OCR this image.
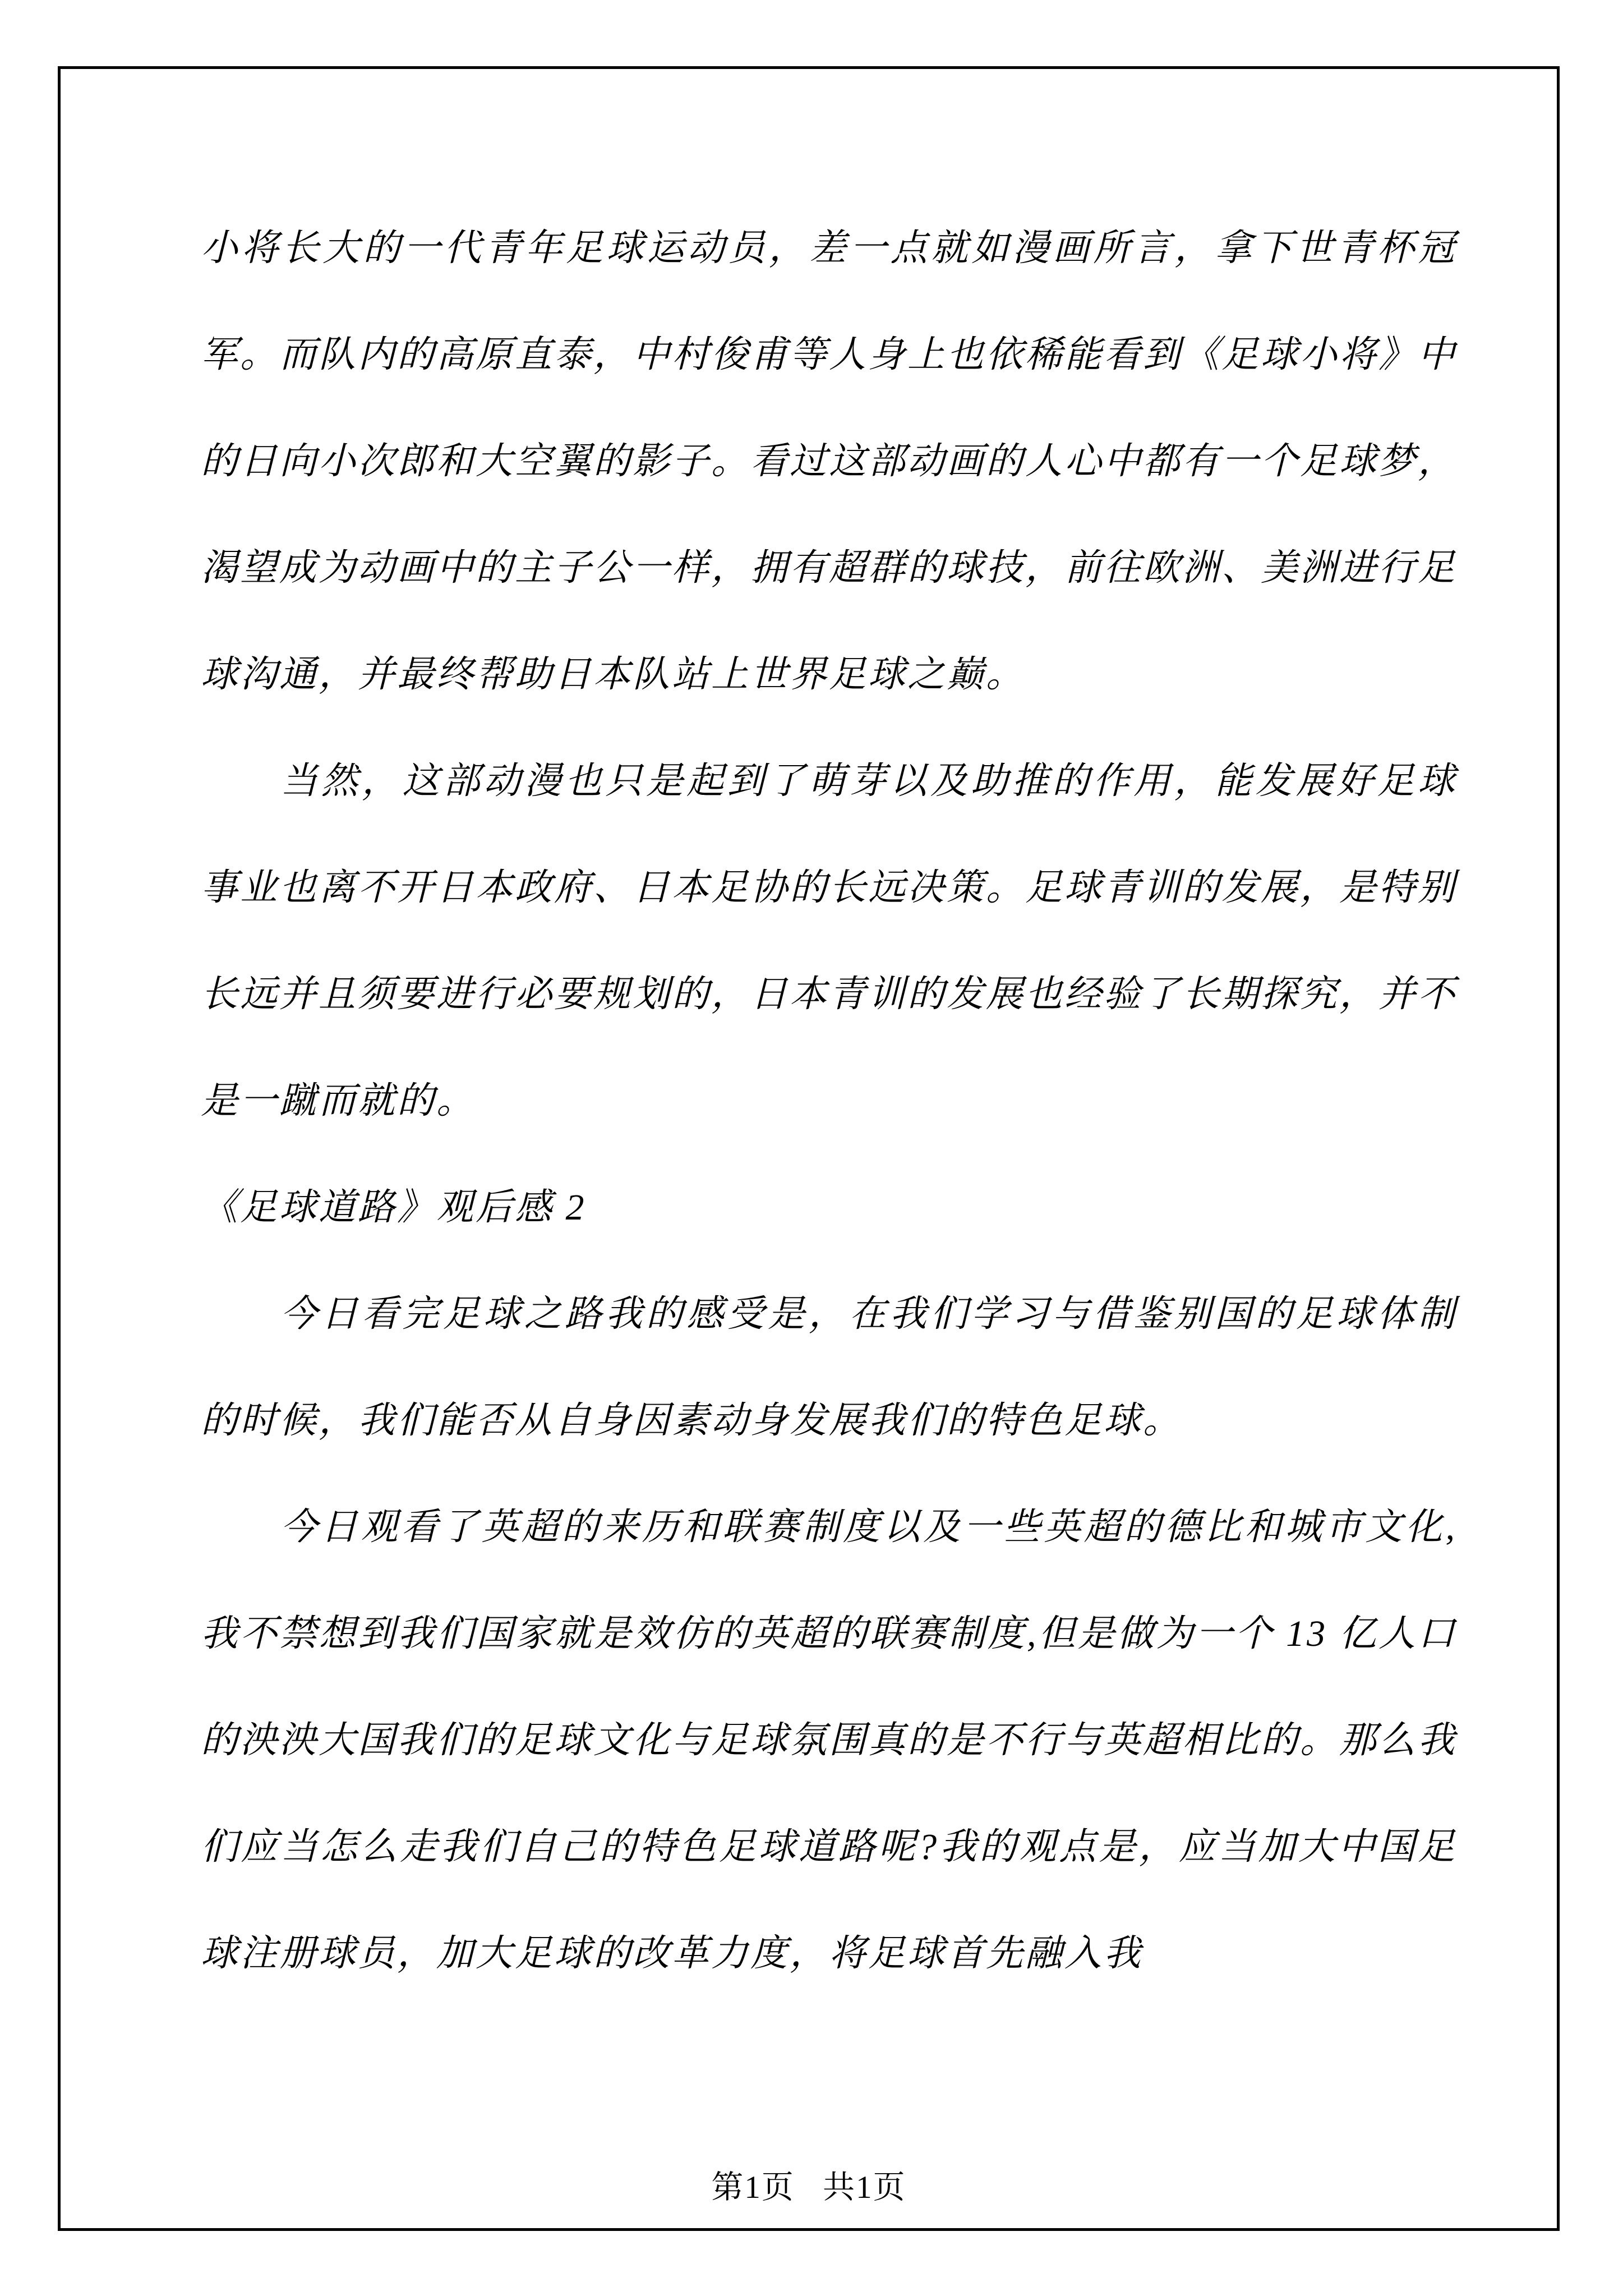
小将长大的一代青年足球运动员，差一点就如漫画所言，拿下世青杯冠军。而队内的高原直泰，中村俊甫等人身上也依稀能看到《足球小将》中的日向小次郎和大空翼的影子。看过这部动画的人心中都有一个足球梦，渴望成为动画中的主子公一样，拥有超群的球技，前往欧洲、美洲进行足球沟通，并最终帮助日本队站上世界足球之巅。

当然，这部动漫也只是起到了萌芽以及助推的作用，能发展好足球事业也离不开日本政府、日本足协的长远决策。足球青训的发展，是特别长远并且须要进行必要规划的，日本青训的发展也经验了长期探究，并不是一蹴而就的。

《足球道路》观后感 2

今日看完足球之路我的感受是，在我们学习与借鉴别国的足球体制的时候，我们能否从自身因素动身发展我们的特色足球。

今日观看了英超的来历和联赛制度以及一些英超的德比和城市文化,我不禁想到我们国家就是效仿的英超的联赛制度,但是做为一个 13 亿人口的泱泱大国我们的足球文化与足球氛围真的是不行与英超相比的。那么我们应当怎么走我们自己的特色足球道路呢?我的观点是，应当加大中国足球注册球员，加大足球的改革力度，将足球首先融入我

第1页 共1页
